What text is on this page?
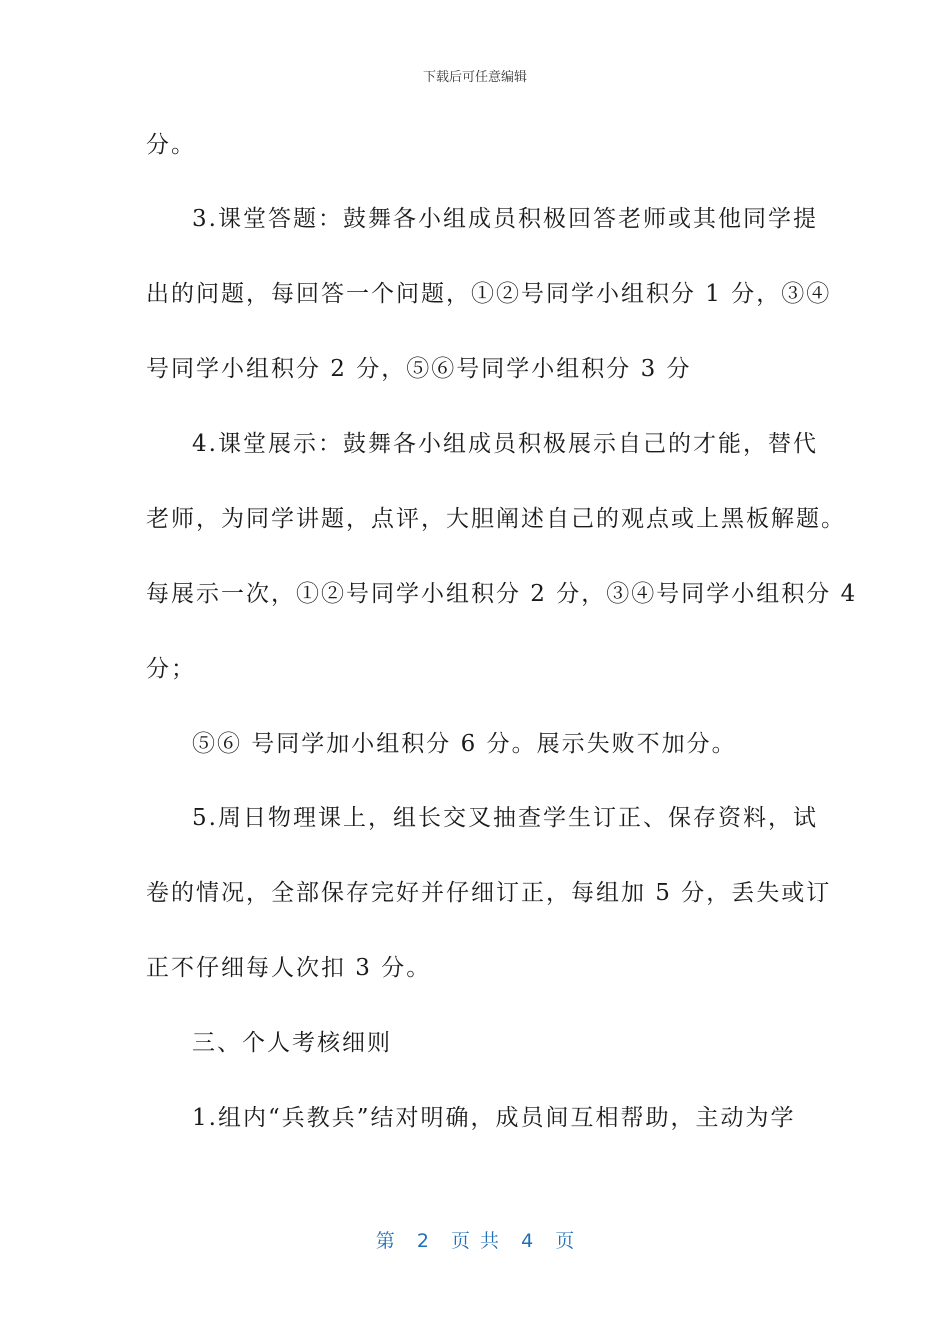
下载后可任意编辑
分。
3.课堂答题：鼓舞各小组成员积极回答老师或其他同学提
出的问题，每回答一个问题，①②号同学小组积分 1 分，③④
号同学小组积分 2 分，⑤⑥号同学小组积分 3 分
4.课堂展示：鼓舞各小组成员积极展示自己的才能，替代
老师，为同学讲题，点评，大胆阐述自己的观点或上黑板解题。
每展示一次，①②号同学小组积分 2 分，③④号同学小组积分 4
分；
⑤⑥ 号同学加小组积分 6 分。展示失败不加分。
5.周日物理课上，组长交叉抽查学生订正、保存资料，试
卷的情况，全部保存完好并仔细订正，每组加 5 分，丢失或订
正不仔细每人次扣 3 分。
三、个人考核细则
1.组内“兵教兵”结对明确，成员间互相帮助，主动为学
第 2 页 共 4 页
